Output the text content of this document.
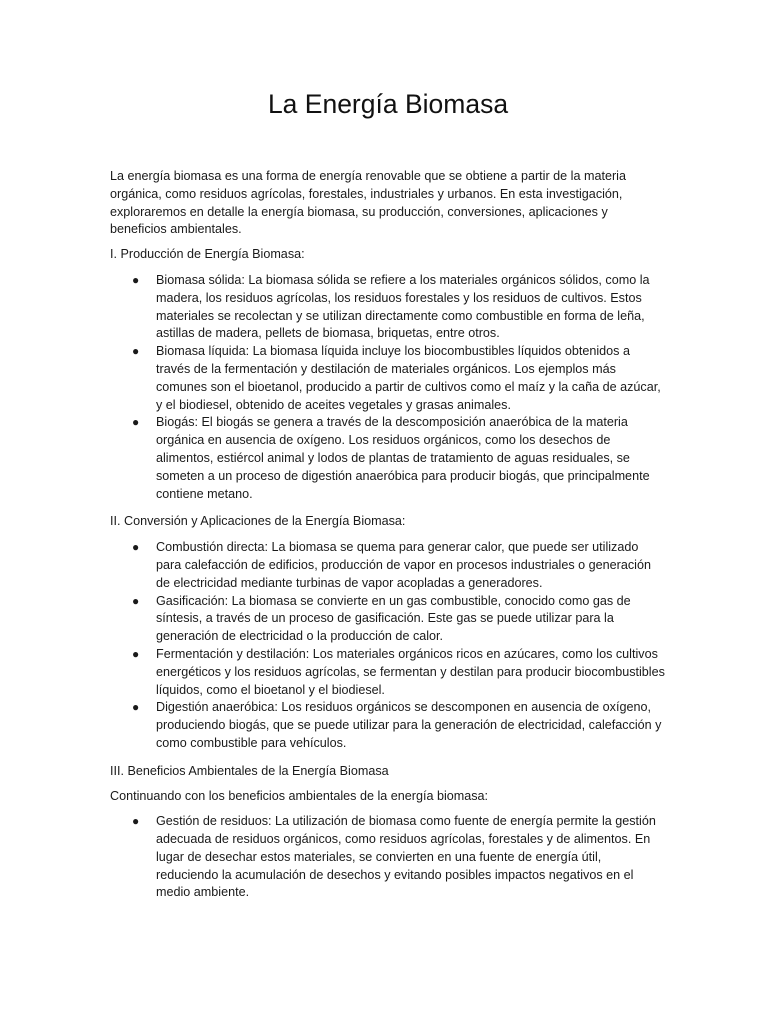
La Energía Biomasa

La energía biomasa es una forma de energía renovable que se obtiene a partir de la materia orgánica, como residuos agrícolas, forestales, industriales y urbanos. En esta investigación, exploraremos en detalle la energía biomasa, su producción, conversiones, aplicaciones y beneficios ambientales.

I. Producción de Energía Biomasa:

● Biomasa sólida: La biomasa sólida se refiere a los materiales orgánicos sólidos, como la madera, los residuos agrícolas, los residuos forestales y los residuos de cultivos. Estos materiales se recolectan y se utilizan directamente como combustible en forma de leña, astillas de madera, pellets de biomasa, briquetas, entre otros.
● Biomasa líquida: La biomasa líquida incluye los biocombustibles líquidos obtenidos a través de la fermentación y destilación de materiales orgánicos. Los ejemplos más comunes son el bioetanol, producido a partir de cultivos como el maíz y la caña de azúcar, y el biodiesel, obtenido de aceites vegetales y grasas animales.
● Biogás: El biogás se genera a través de la descomposición anaeróbica de la materia orgánica en ausencia de oxígeno. Los residuos orgánicos, como los desechos de alimentos, estiércol animal y lodos de plantas de tratamiento de aguas residuales, se someten a un proceso de digestión anaeróbica para producir biogás, que principalmente contiene metano.

II. Conversión y Aplicaciones de la Energía Biomasa:

● Combustión directa: La biomasa se quema para generar calor, que puede ser utilizado para calefacción de edificios, producción de vapor en procesos industriales o generación de electricidad mediante turbinas de vapor acopladas a generadores.
● Gasificación: La biomasa se convierte en un gas combustible, conocido como gas de síntesis, a través de un proceso de gasificación. Este gas se puede utilizar para la generación de electricidad o la producción de calor.
● Fermentación y destilación: Los materiales orgánicos ricos en azúcares, como los cultivos energéticos y los residuos agrícolas, se fermentan y destilan para producir biocombustibles líquidos, como el bioetanol y el biodiesel.
● Digestión anaeróbica: Los residuos orgánicos se descomponen en ausencia de oxígeno, produciendo biogás, que se puede utilizar para la generación de electricidad, calefacción y como combustible para vehículos.

III. Beneficios Ambientales de la Energía Biomasa

Continuando con los beneficios ambientales de la energía biomasa:

● Gestión de residuos: La utilización de biomasa como fuente de energía permite la gestión adecuada de residuos orgánicos, como residuos agrícolas, forestales y de alimentos. En lugar de desechar estos materiales, se convierten en una fuente de energía útil, reduciendo la acumulación de desechos y evitando posibles impactos negativos en el medio ambiente.
